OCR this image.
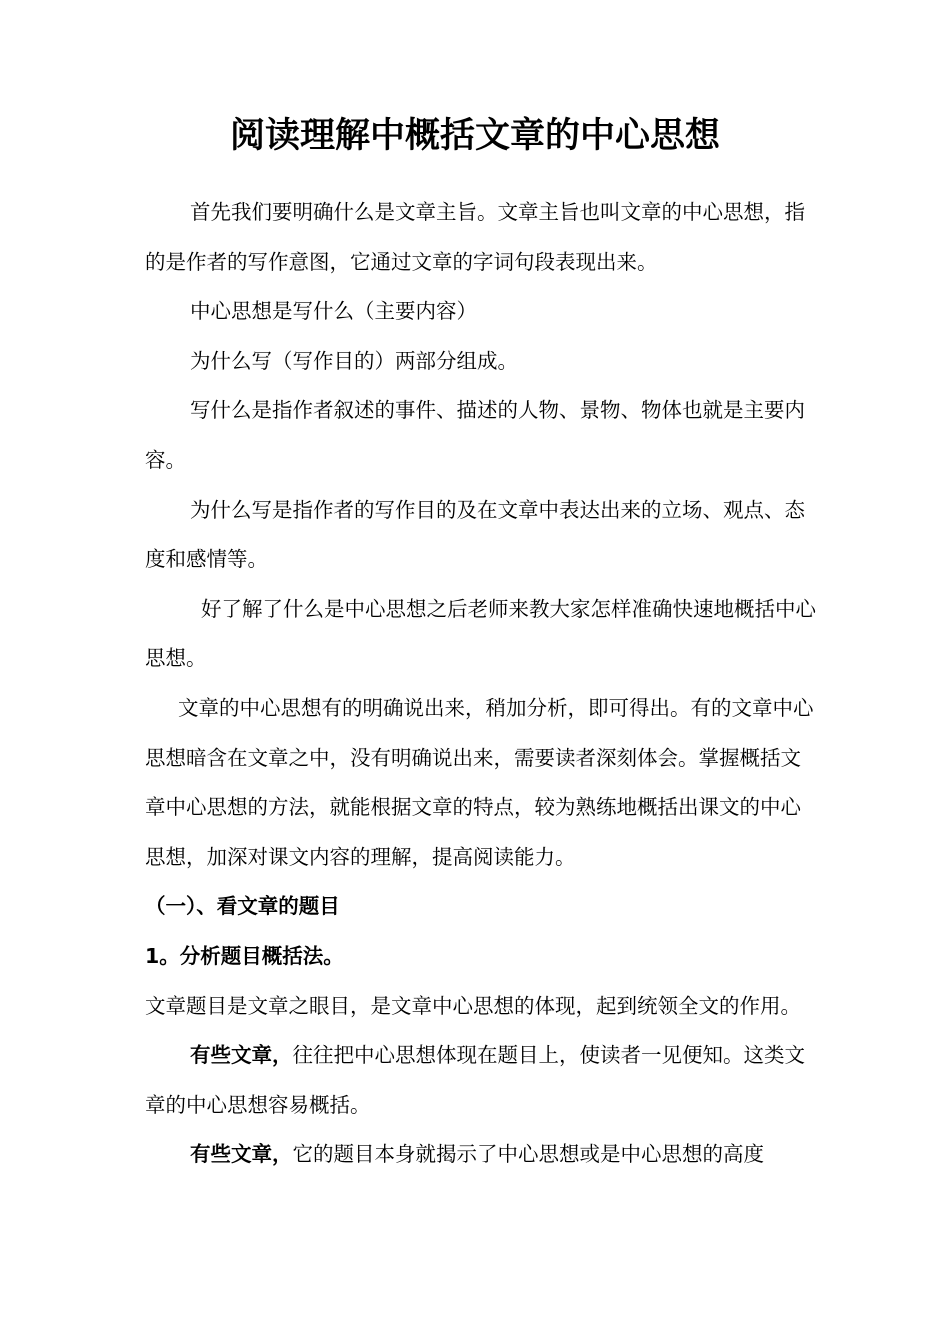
阅读理解中概括文章的中心思想

首先我们要明确什么是文章主旨。文章主旨也叫文章的中心思想，指的是作者的写作意图，它通过文章的字词句段表现出来。

中心思想是写什么（主要内容）

为什么写（写作目的）两部分组成。

写什么是指作者叙述的事件、描述的人物、景物、物体也就是主要内容。

为什么写是指作者的写作目的及在文章中表达出来的立场、观点、态度和感情等。

好了解了什么是中心思想之后老师来教大家怎样准确快速地概括中心思想。

文章的中心思想有的明确说出来，稍加分析，即可得出。有的文章中心思想暗含在文章之中，没有明确说出来，需要读者深刻体会。掌握概括文章中心思想的方法，就能根据文章的特点，较为熟练地概括出课文的中心思想，加深对课文内容的理解，提高阅读能力。

（一）、看文章的题目

1。分析题目概括法。

文章题目是文章之眼目，是文章中心思想的体现，起到统领全文的作用。

有些文章，往往把中心思想体现在题目上，使读者一见便知。这类文章的中心思想容易概括。

有些文章，它的题目本身就揭示了中心思想或是中心思想的高度
